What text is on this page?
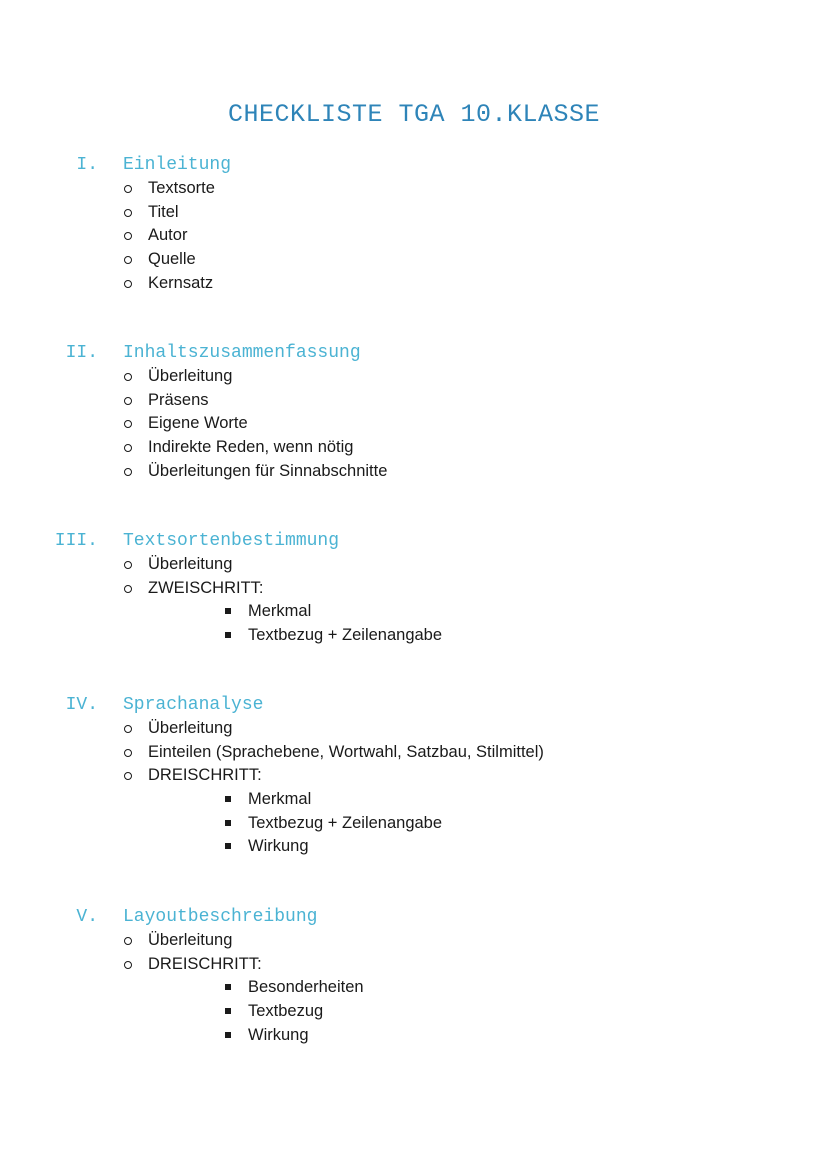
CHECKLISTE TGA 10.KLASSE
I. Einleitung
Textsorte
Titel
Autor
Quelle
Kernsatz
II. Inhaltszusammenfassung
Überleitung
Präsens
Eigene Worte
Indirekte Reden, wenn nötig
Überleitungen für Sinnabschnitte
III. Textsortenbestimmung
Überleitung
ZWEISCHRITT:
Merkmal
Textbezug + Zeilenangabe
IV. Sprachanalyse
Überleitung
Einteilen (Sprachebene, Wortwahl, Satzbau, Stilmittel)
DREISCHRITT:
Merkmal
Textbezug + Zeilenangabe
Wirkung
V. Layoutbeschreibung
Überleitung
DREISCHRITT:
Besonderheiten
Textbezug
Wirkung
